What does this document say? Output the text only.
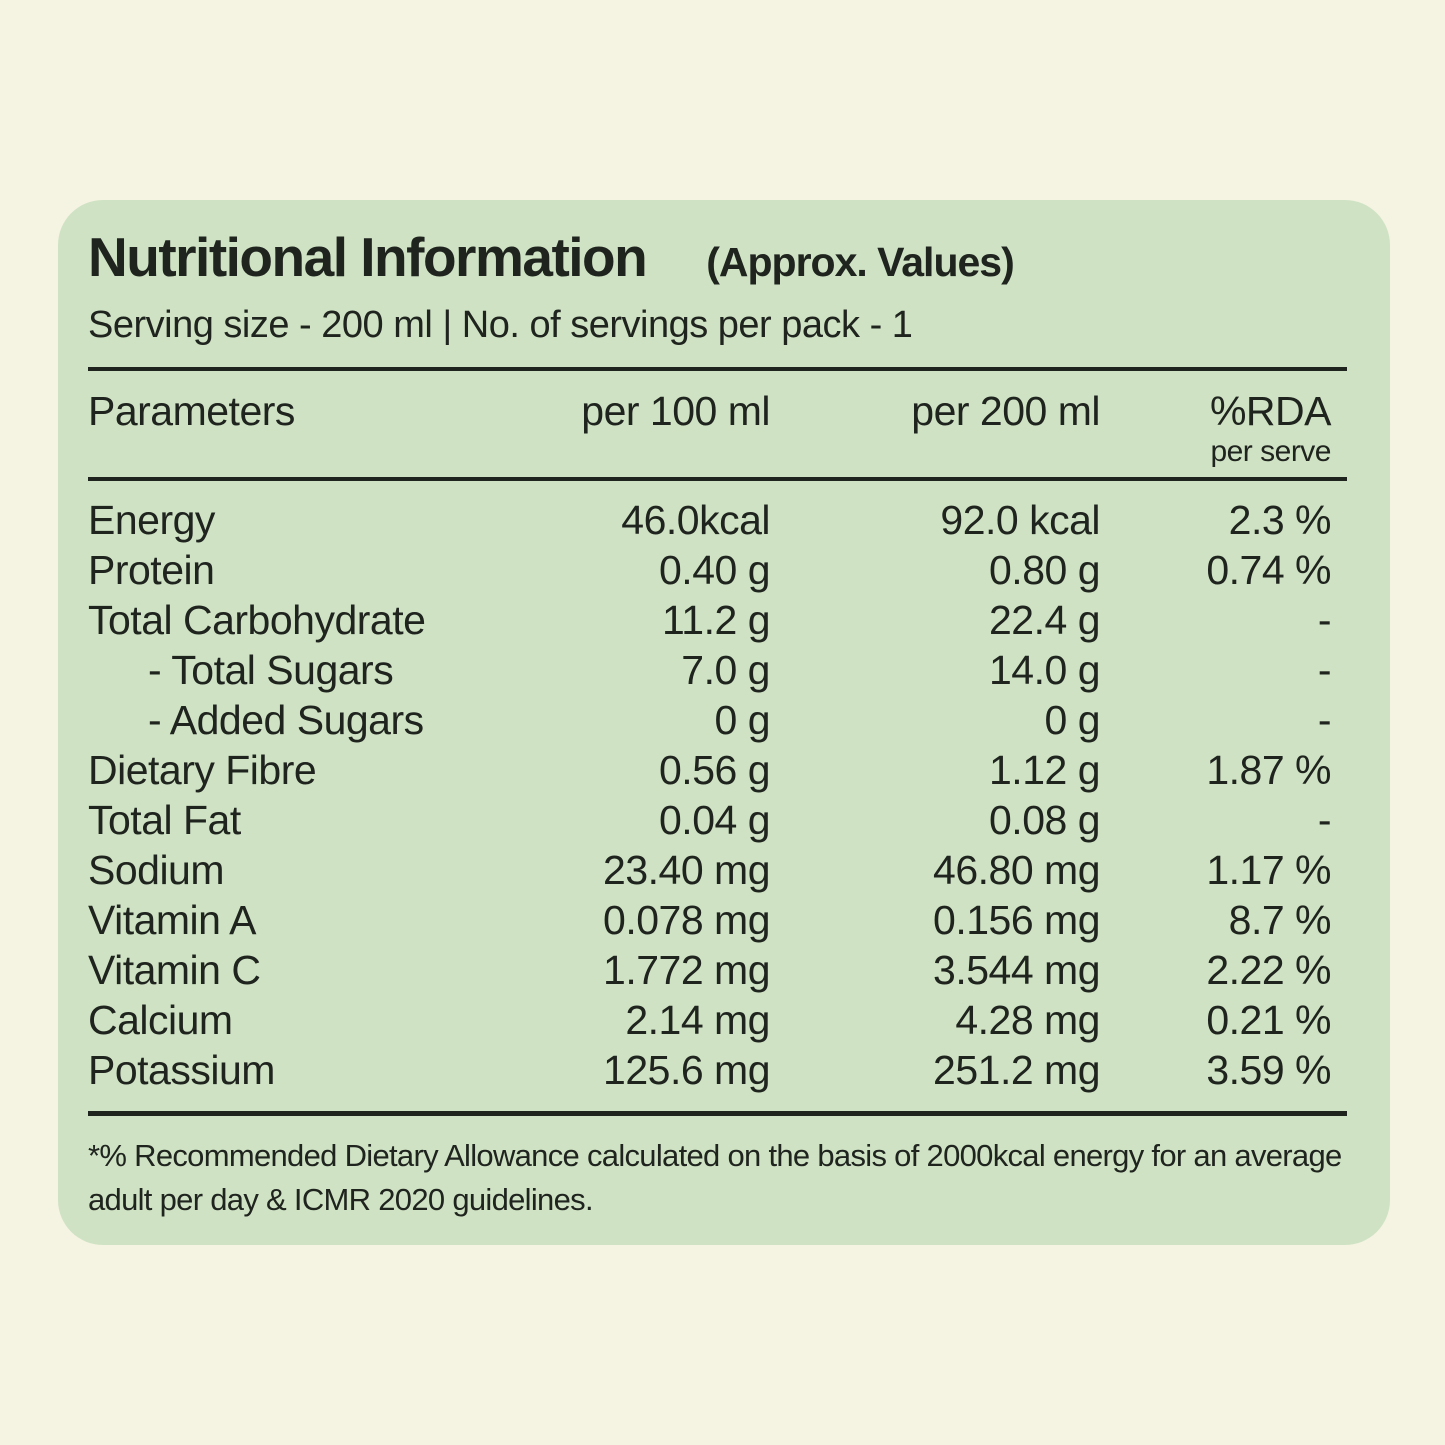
Nutritional Information (Approx. Values)
Serving size - 200 ml | No. of servings per pack - 1
Parameters	per 100 ml	per 200 ml	%RDA
per serve
Energy	46.0kcal	92.0 kcal	2.3 %
Protein	0.40 g	0.80 g	0.74 %
Total Carbohydrate	11.2 g	22.4 g	-
- Total Sugars	7.0 g	14.0 g	-
- Added Sugars	0 g	0 g	-
Dietary Fibre	0.56 g	1.12 g	1.87 %
Total Fat	0.04 g	0.08 g	-
Sodium	23.40 mg	46.80 mg	1.17 %
Vitamin A	0.078 mg	0.156 mg	8.7 %
Vitamin C	1.772 mg	3.544 mg	2.22 %
Calcium	2.14 mg	4.28 mg	0.21 %
Potassium	125.6 mg	251.2 mg	3.59 %
*% Recommended Dietary Allowance calculated on the basis of 2000kcal energy for an average adult per day & ICMR 2020 guidelines.
